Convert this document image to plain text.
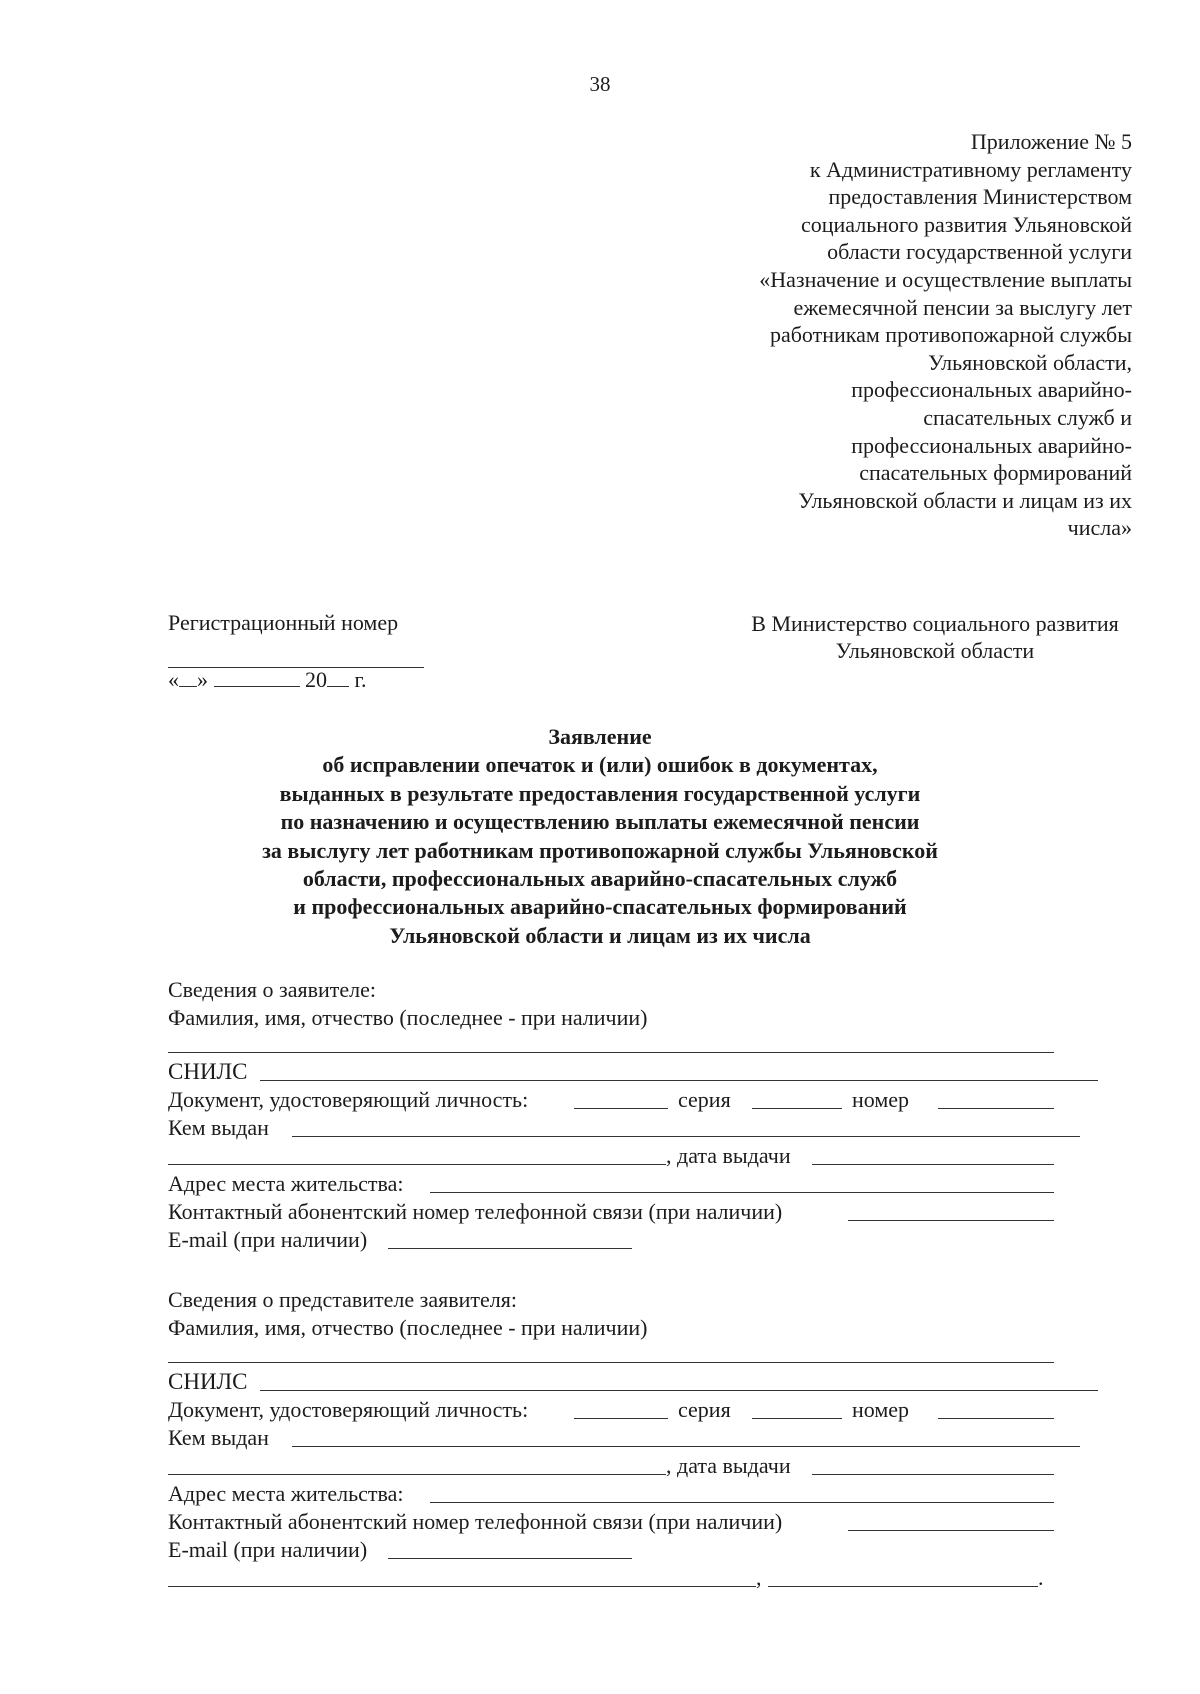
38
Приложение № 5
к Административному регламенту
предоставления Министерством
социального развития Ульяновской
области государственной услуги
«Назначение и осуществление выплаты
ежемесячной пенсии за выслугу лет
работникам противопожарной службы
Ульяновской области,
профессиональных аварийно-
спасательных служб и
профессиональных аварийно-
спасательных формирований
Ульяновской области и лицам из их
числа»
Регистрационный номер
« »	20 г.
В Министерство социального развития
Ульяновской области
Заявление
об исправлении опечаток и (или) ошибок в документах,
выданных в результате предоставления государственной услуги
по назначению и осуществлению выплаты ежемесячной пенсии
за выслугу лет работникам противопожарной службы Ульяновской
области, профессиональных аварийно-спасательных служб
и профессиональных аварийно-спасательных формирований
Ульяновской области и лицам из их числа
Сведения о заявителе:
Фамилия, имя, отчество (последнее - при наличии)
СНИЛС
Документ, удостоверяющий личность:	серия	номер
Кем выдан
, дата выдачи
Адрес места жительства:
Контактный абонентский номер телефонной связи (при наличии)
E-mail (при наличии)
Сведения о представителе заявителя:
Фамилия, имя, отчество (последнее - при наличии)
СНИЛС
Документ, удостоверяющий личность:	серия	номер
Кем выдан
, дата выдачи
Адрес места жительства:
Контактный абонентский номер телефонной связи (при наличии)
E-mail (при наличии)
,	.
